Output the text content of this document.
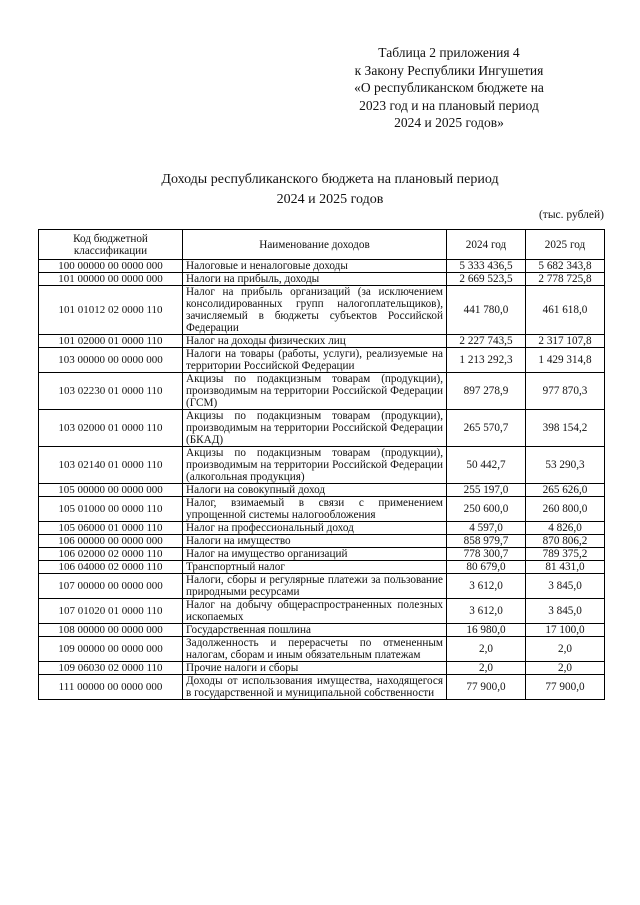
Таблица 2 приложения 4
к Закону Республики Ингушетия
«О республиканском бюджете на
2023 год и на плановый период
2024 и 2025 годов»
Доходы республиканского бюджета на плановый период
2024 и 2025 годов
(тыс. рублей)
Код бюджетной классификации	Наименование доходов	2024 год	2025 год
100 00000 00 0000 000	Налоговые и неналоговые доходы	5 333 436,5	5 682 343,8
101 00000 00 0000 000	Налоги на прибыль, доходы	2 669 523,5	2 778 725,8
101 01012 02 0000 110	Налог на прибыль организаций (за исключением консолидированных групп налогоплательщиков), зачисляемый в бюджеты субъектов Российской Федерации	441 780,0	461 618,0
101 02000 01 0000 110	Налог на доходы физических лиц	2 227 743,5	2 317 107,8
103 00000 00 0000 000	Налоги на товары (работы, услуги), реализуемые на территории Российской Федерации	1 213 292,3	1 429 314,8
103 02230 01 0000 110	Акцизы по подакцизным товарам (продукции), производимым на территории Российской Федерации (ГСМ)	897 278,9	977 870,3
103 02000 01 0000 110	Акцизы по подакцизным товарам (продукции), производимым на территории Российской Федерации (БКАД)	265 570,7	398 154,2
103 02140 01 0000 110	Акцизы по подакцизным товарам (продукции), производимым на территории Российской Федерации (алкогольная продукция)	50 442,7	53 290,3
105 00000 00 0000 000	Налоги на совокупный доход	255 197,0	265 626,0
105 01000 00 0000 110	Налог, взимаемый в связи с применением упрощенной системы налогообложения	250 600,0	260 800,0
105 06000 01 0000 110	Налог на профессиональный доход	4 597,0	4 826,0
106 00000 00 0000 000	Налоги на имущество	858 979,7	870 806,2
106 02000 02 0000 110	Налог на имущество организаций	778 300,7	789 375,2
106 04000 02 0000 110	Транспортный налог	80 679,0	81 431,0
107 00000 00 0000 000	Налоги, сборы и регулярные платежи за пользование природными ресурсами	3 612,0	3 845,0
107 01020 01 0000 110	Налог на добычу общераспространенных полезных ископаемых	3 612,0	3 845,0
108 00000 00 0000 000	Государственная пошлина	16 980,0	17 100,0
109 00000 00 0000 000	Задолженность и перерасчеты по отмененным налогам, сборам и иным обязательным платежам	2,0	2,0
109 06030 02 0000 110	Прочие налоги и сборы	2,0	2,0
111 00000 00 0000 000	Доходы от использования имущества, находящегося в государственной и муниципальной собственности	77 900,0	77 900,0
